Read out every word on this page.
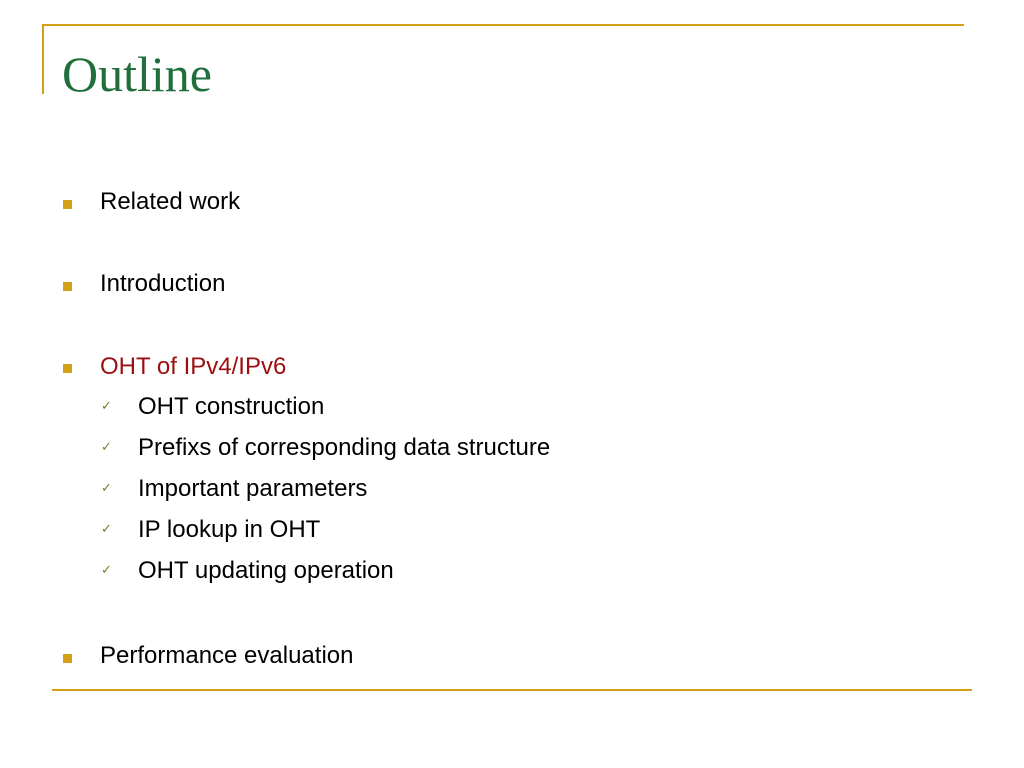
Outline
Related work
Introduction
OHT of IPv4/IPv6
✓ OHT construction
✓ Prefixs of corresponding data structure
✓ Important parameters
✓ IP lookup in OHT
✓ OHT updating operation
Performance evaluation
